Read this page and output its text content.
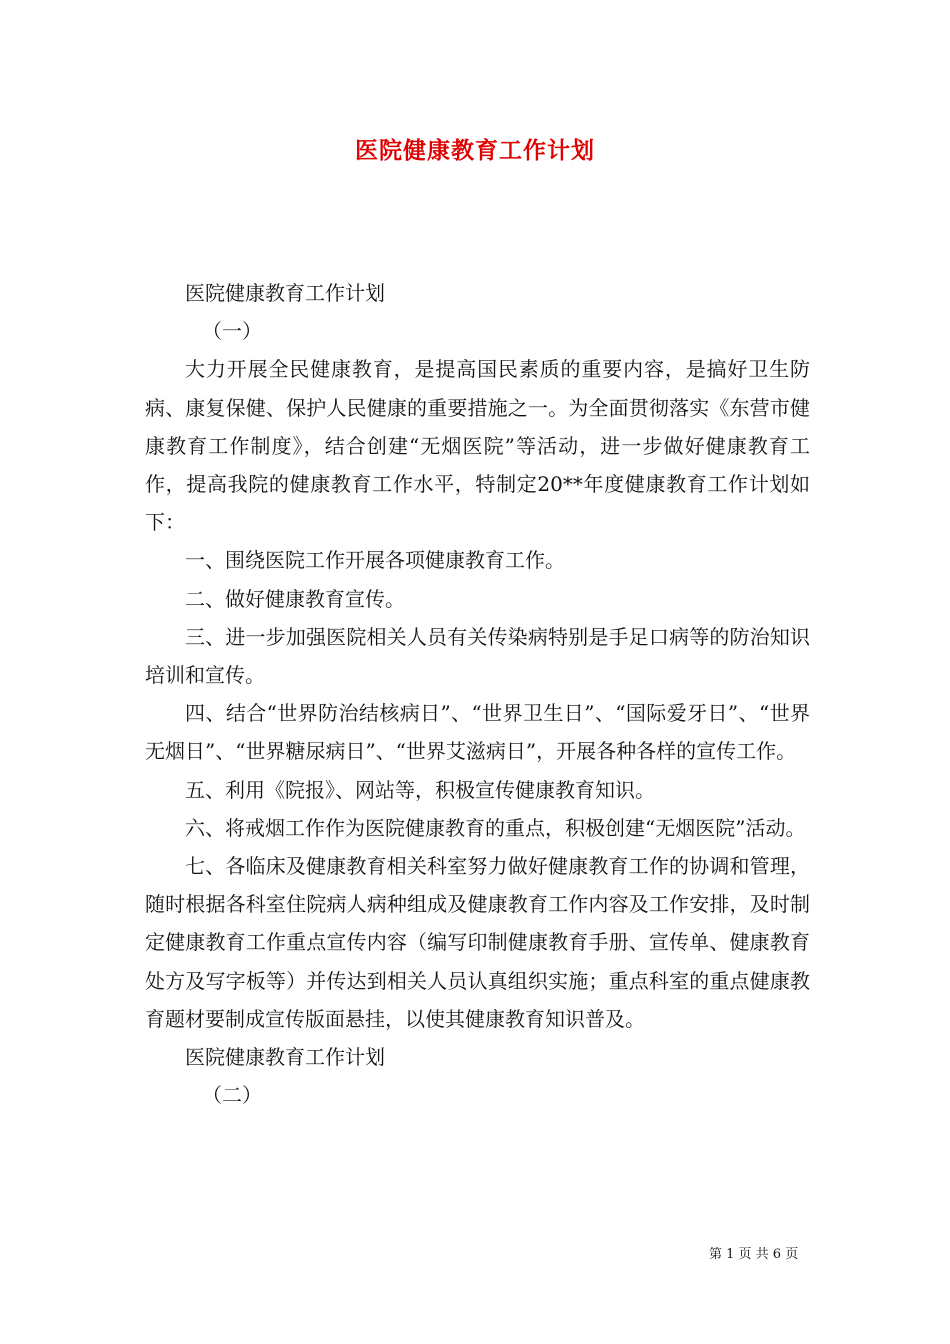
医院健康教育工作计划

医院健康教育工作计划

（一）

大力开展全民健康教育，是提高国民素质的重要内容，是搞好卫生防病、康复保健、保护人民健康的重要措施之一。为全面贯彻落实《东营市健康教育工作制度》，结合创建“无烟医院”等活动，进一步做好健康教育工作，提高我院的健康教育工作水平，特制定20**年度健康教育工作计划如下：

一、围绕医院工作开展各项健康教育工作。

二、做好健康教育宣传。

三、进一步加强医院相关人员有关传染病特别是手足口病等的防治知识培训和宣传。

四、结合“世界防治结核病日”、“世界卫生日”、“国际爱牙日”、“世界无烟日”、“世界糖尿病日”、“世界艾滋病日”，开展各种各样的宣传工作。

五、利用《院报》、网站等，积极宣传健康教育知识。

六、将戒烟工作作为医院健康教育的重点，积极创建“无烟医院”活动。

七、各临床及健康教育相关科室努力做好健康教育工作的协调和管理，随时根据各科室住院病人病种组成及健康教育工作内容及工作安排，及时制定健康教育工作重点宣传内容（编写印制健康教育手册、宣传单、健康教育处方及写字板等）并传达到相关人员认真组织实施；重点科室的重点健康教育题材要制成宣传版面悬挂，以使其健康教育知识普及。

医院健康教育工作计划

（二）

第 1 页 共 6 页
